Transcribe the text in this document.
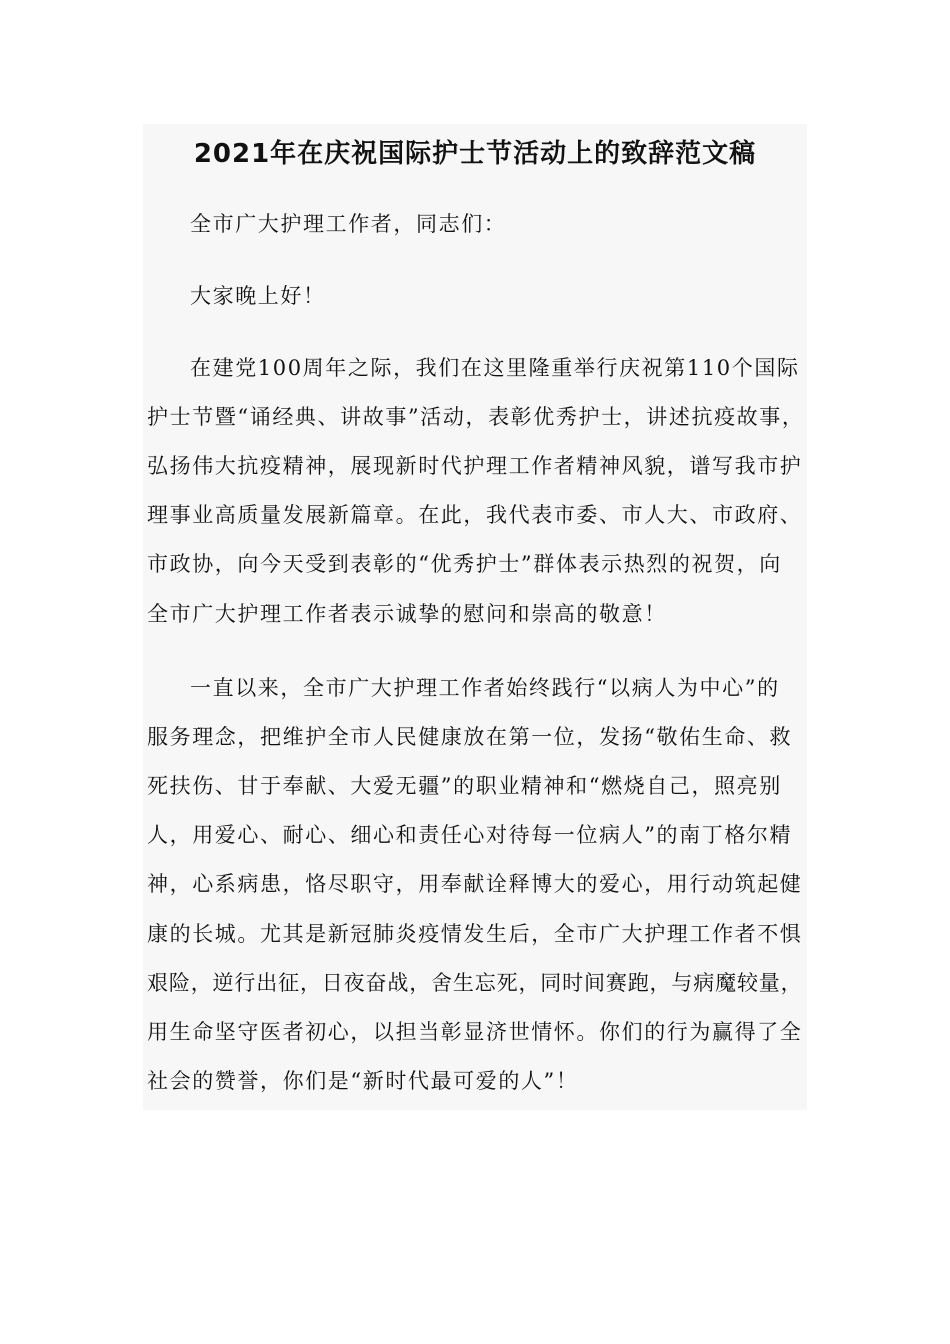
2021年在庆祝国际护士节活动上的致辞范文稿

全市广大护理工作者，同志们：

大家晚上好！

在建党100周年之际，我们在这里隆重举行庆祝第110个国际

护士节暨“诵经典、讲故事”活动，表彰优秀护士，讲述抗疫故事，

弘扬伟大抗疫精神，展现新时代护理工作者精神风貌，谱写我市护

理事业高质量发展新篇章。在此，我代表市委、市人大、市政府、

市政协，向今天受到表彰的“优秀护士”群体表示热烈的祝贺，向

全市广大护理工作者表示诚挚的慰问和崇高的敬意！

一直以来，全市广大护理工作者始终践行“以病人为中心”的

服务理念，把维护全市人民健康放在第一位，发扬“敬佑生命、救

死扶伤、甘于奉献、大爱无疆”的职业精神和“燃烧自己，照亮别

人，用爱心、耐心、细心和责任心对待每一位病人”的南丁格尔精

神，心系病患，恪尽职守，用奉献诠释博大的爱心，用行动筑起健

康的长城。尤其是新冠肺炎疫情发生后，全市广大护理工作者不惧

艰险，逆行出征，日夜奋战，舍生忘死，同时间赛跑，与病魔较量，

用生命坚守医者初心，以担当彰显济世情怀。你们的行为赢得了全

社会的赞誉，你们是“新时代最可爱的人”！
